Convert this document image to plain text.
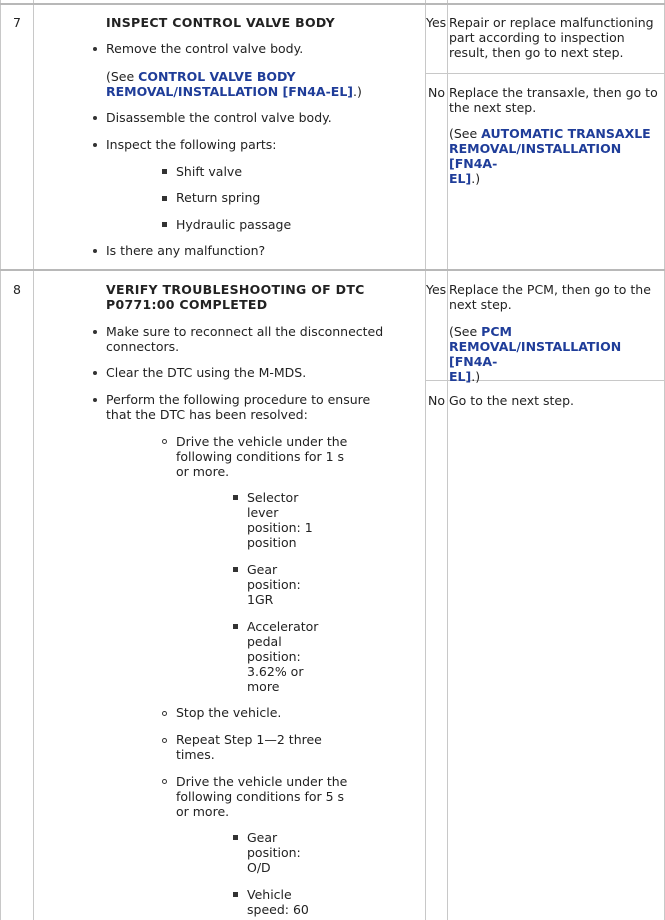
7	INSPECT CONTROL VALVE BODY
Remove the control valve body.
(See CONTROL VALVE BODY
REMOVAL/INSTALLATION [FN4A-EL].)
Disassemble the control valve body.
Inspect the following parts:
Shift valve
Return spring
Hydraulic passage
Is there any malfunction?
Yes Repair or replace malfunctioning
part according to inspection
result, then go to next step.
No Replace the transaxle, then go to
the next step.
(See AUTOMATIC TRANSAXLE
REMOVAL/INSTALLATION [FN4A-
EL].)
8	VERIFY TROUBLESHOOTING OF DTC
P0771:00 COMPLETED
Make sure to reconnect all the disconnected
connectors.
Clear the DTC using the M-MDS.
Perform the following procedure to ensure
that the DTC has been resolved:
Drive the vehicle under the
following conditions for 1 s
or more.
Selector
lever
position: 1
position
Gear
position:
1GR
Accelerator
pedal
position:
3.62% or
more
Stop the vehicle.
Repeat Step 1—2 three
times.
Drive the vehicle under the
following conditions for 5 s
or more.
Gear
position:
O/D
Vehicle
speed: 60
Yes Replace the PCM, then go to the
next step.
(See PCM
REMOVAL/INSTALLATION [FN4A-
EL].)
No Go to the next step.
